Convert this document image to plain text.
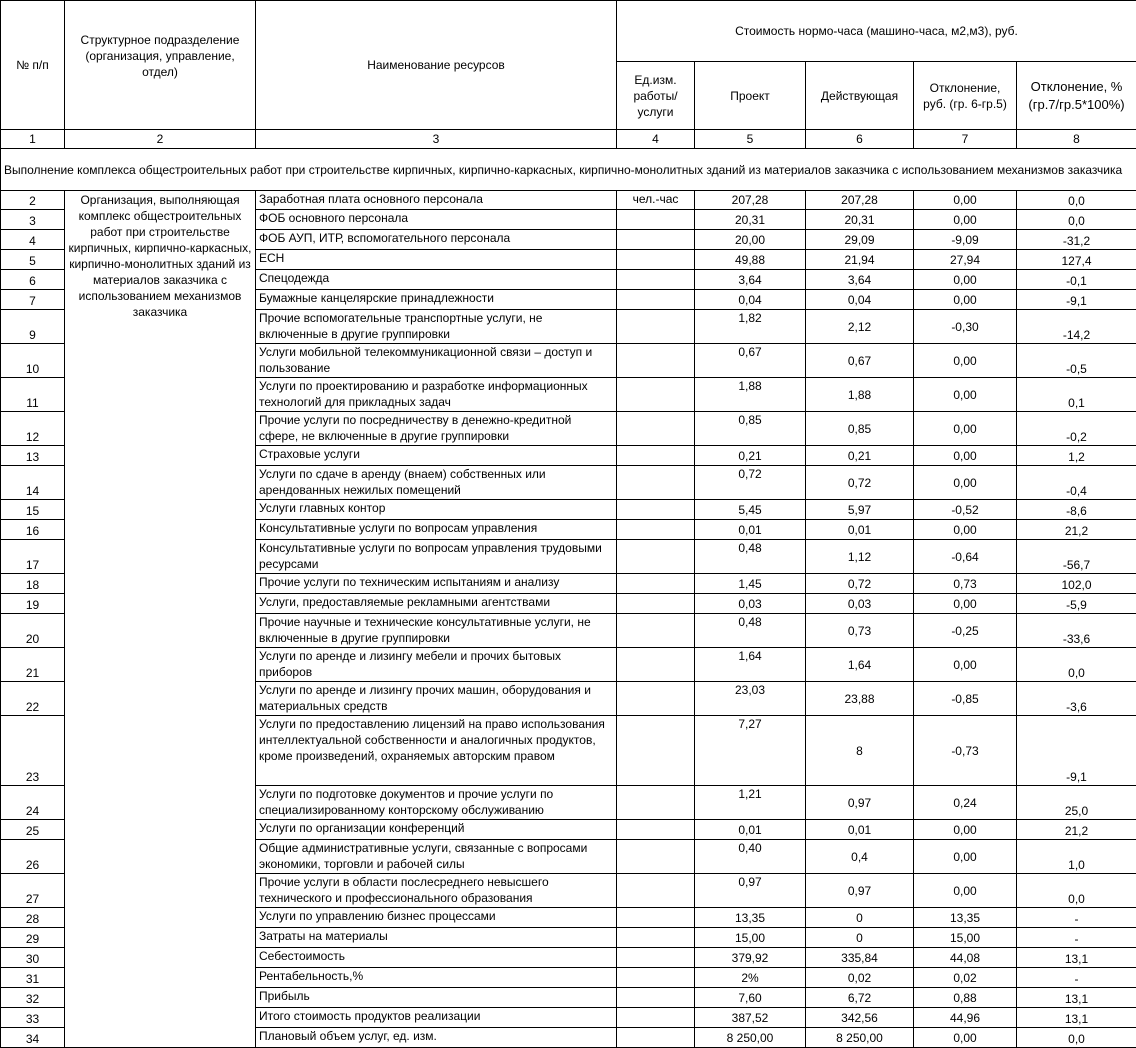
№ п/п	Структурное подразделение (организация, управление, отдел)	Наименование ресурсов	Стоимость нормо-часа (машино-часа, м2,м3), руб.				
			Ед.изм. работы/ услуги	Проект	Действующая	Отклонение, руб. (гр. 6-гр.5)	Отклонение, % (гр.7/гр.5*100%)
1	2	3	4	5	6	7	8
Выполнение комплекса общестроительных работ при строительстве кирпичных, кирпично-каркасных, кирпично-монолитных зданий из материалов заказчика с использованием механизмов заказчика							
2	Организация, выполняющая комплекс общестроительных работ при строительстве кирпичных, кирпично-каркасных, кирпично-монолитных зданий из материалов заказчика с использованием механизмов заказчика	Заработная плата основного персонала	чел.-час	207,28	207,28	0,00	0,0
3		ФОБ основного персонала		20,31	20,31	0,00	0,0
4		ФОБ АУП, ИТР, вспомогательного персонала		20,00	29,09	-9,09	-31,2
5		ЕСН		49,88	21,94	27,94	127,4
6		Спецодежда		3,64	3,64	0,00	-0,1
7		Бумажные канцелярские принадлежности		0,04	0,04	0,00	-9,1
9		Прочие вспомогательные транспортные услуги, не включенные в другие группировки		1,82	2,12	-0,30	-14,2
10		Услуги мобильной телекоммуникационной связи – доступ и пользование		0,67	0,67	0,00	-0,5
11		Услуги по проектированию и разработке информационных технологий для прикладных задач		1,88	1,88	0,00	0,1
12		Прочие услуги по посредничеству в денежно-кредитной сфере, не включенные в другие группировки		0,85	0,85	0,00	-0,2
13		Страховые услуги		0,21	0,21	0,00	1,2
14		Услуги по сдаче в аренду (внаем) собственных или арендованных нежилых помещений		0,72	0,72	0,00	-0,4
15		Услуги главных контор		5,45	5,97	-0,52	-8,6
16		Консультативные услуги по вопросам управления		0,01	0,01	0,00	21,2
17		Консультативные услуги по вопросам управления трудовыми ресурсами		0,48	1,12	-0,64	-56,7
18		Прочие услуги по техническим испытаниям и анализу		1,45	0,72	0,73	102,0
19		Услуги, предоставляемые рекламными агентствами		0,03	0,03	0,00	-5,9
20		Прочие научные и технические консультативные услуги, не включенные в другие группировки		0,48	0,73	-0,25	-33,6
21		Услуги по аренде и лизингу мебели и прочих бытовых приборов		1,64	1,64	0,00	0,0
22		Услуги по аренде и лизингу прочих машин, оборудования и материальных средств		23,03	23,88	-0,85	-3,6
23		Услуги по предоставлению лицензий на право использования интеллектуальной собственности и аналогичных продуктов, кроме произведений, охраняемых авторским правом		7,27	8	-0,73	-9,1
24		Услуги по подготовке документов и прочие услуги по специализированному конторскому обслуживанию		1,21	0,97	0,24	25,0
25		Услуги по организации конференций		0,01	0,01	0,00	21,2
26		Общие административные услуги, связанные с вопросами экономики, торговли и рабочей силы		0,40	0,4	0,00	1,0
27		Прочие услуги в области послесреднего невысшего технического и профессионального образования		0,97	0,97	0,00	0,0
28		Услуги по управлению бизнес процессами		13,35	0	13,35	-
29		Затраты на материалы		15,00	0	15,00	-
30		Себестоимость		379,92	335,84	44,08	13,1
31		Рентабельность,%		2%	0,02	0,02	-
32		Прибыль		7,60	6,72	0,88	13,1
33		Итого стоимость продуктов реализации		387,52	342,56	44,96	13,1
34		Плановый объем услуг, ед. изм.		8 250,00	8 250,00	0,00	0,0
